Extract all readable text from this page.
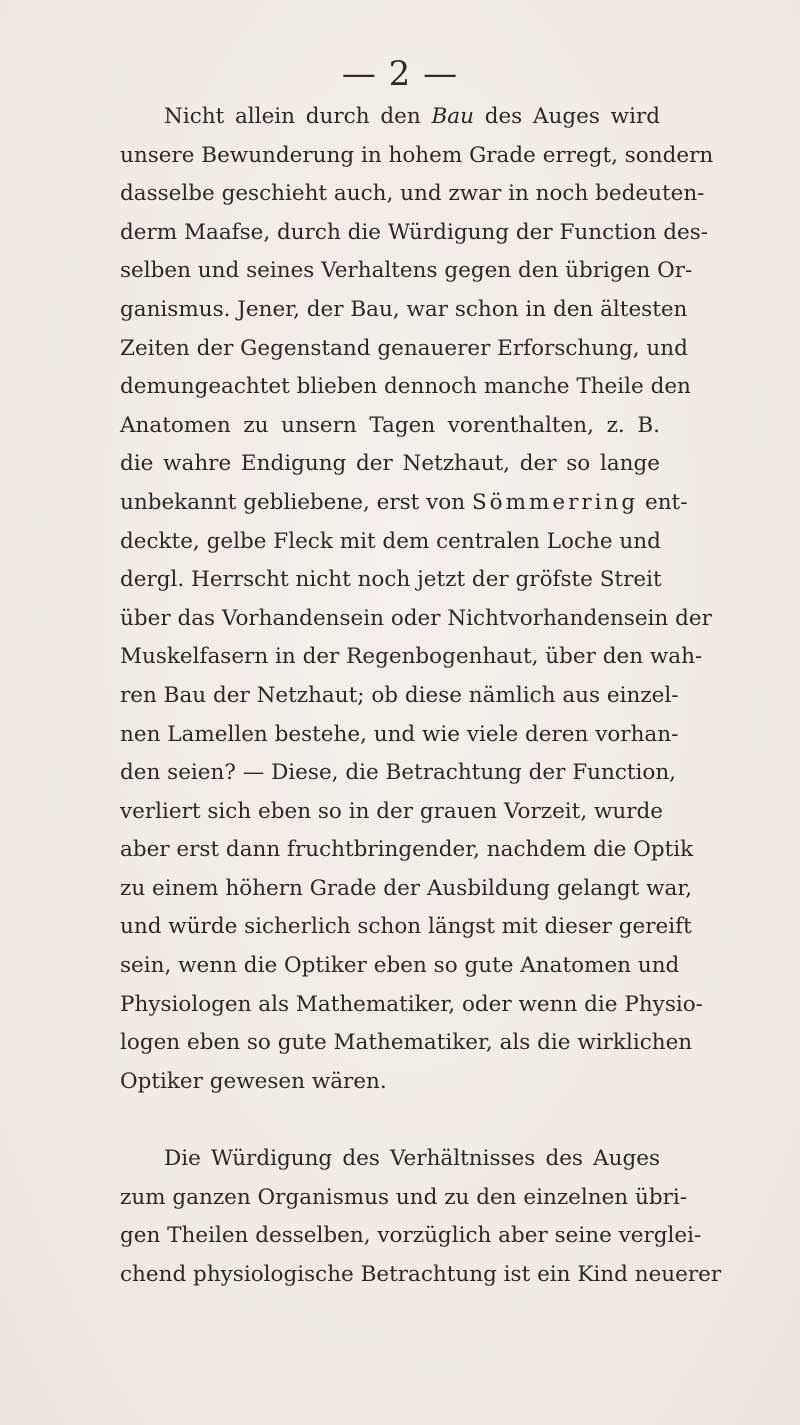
— 2 —
Nicht allein durch den Bau des Auges wird
unsere Bewunderung in hohem Grade erregt, sondern
dasselbe geschieht auch, und zwar in noch bedeuten-
derm Maafse, durch die Würdigung der Function des-
selben und seines Verhaltens gegen den übrigen Or-
ganismus. Jener, der Bau, war schon in den ältesten
Zeiten der Gegenstand genauerer Erforschung, und
demungeachtet blieben dennoch manche Theile den
Anatomen zu unsern Tagen vorenthalten, z. B.
die wahre Endigung der Netzhaut, der so lange
unbekannt gebliebene, erst von Sömmerring ent-
deckte, gelbe Fleck mit dem centralen Loche und
dergl. Herrscht nicht noch jetzt der gröfste Streit
über das Vorhandensein oder Nichtvorhandensein der
Muskelfasern in der Regenbogenhaut, über den wah-
ren Bau der Netzhaut; ob diese nämlich aus einzel-
nen Lamellen bestehe, und wie viele deren vorhan-
den seien? — Diese, die Betrachtung der Function,
verliert sich eben so in der grauen Vorzeit, wurde
aber erst dann fruchtbringender, nachdem die Optik
zu einem höhern Grade der Ausbildung gelangt war,
und würde sicherlich schon längst mit dieser gereift
sein, wenn die Optiker eben so gute Anatomen und
Physiologen als Mathematiker, oder wenn die Physio-
logen eben so gute Mathematiker, als die wirklichen
Optiker gewesen wären.
Die Würdigung des Verhältnisses des Auges
zum ganzen Organismus und zu den einzelnen übri-
gen Theilen desselben, vorzüglich aber seine verglei-
chend physiologische Betrachtung ist ein Kind neuerer
